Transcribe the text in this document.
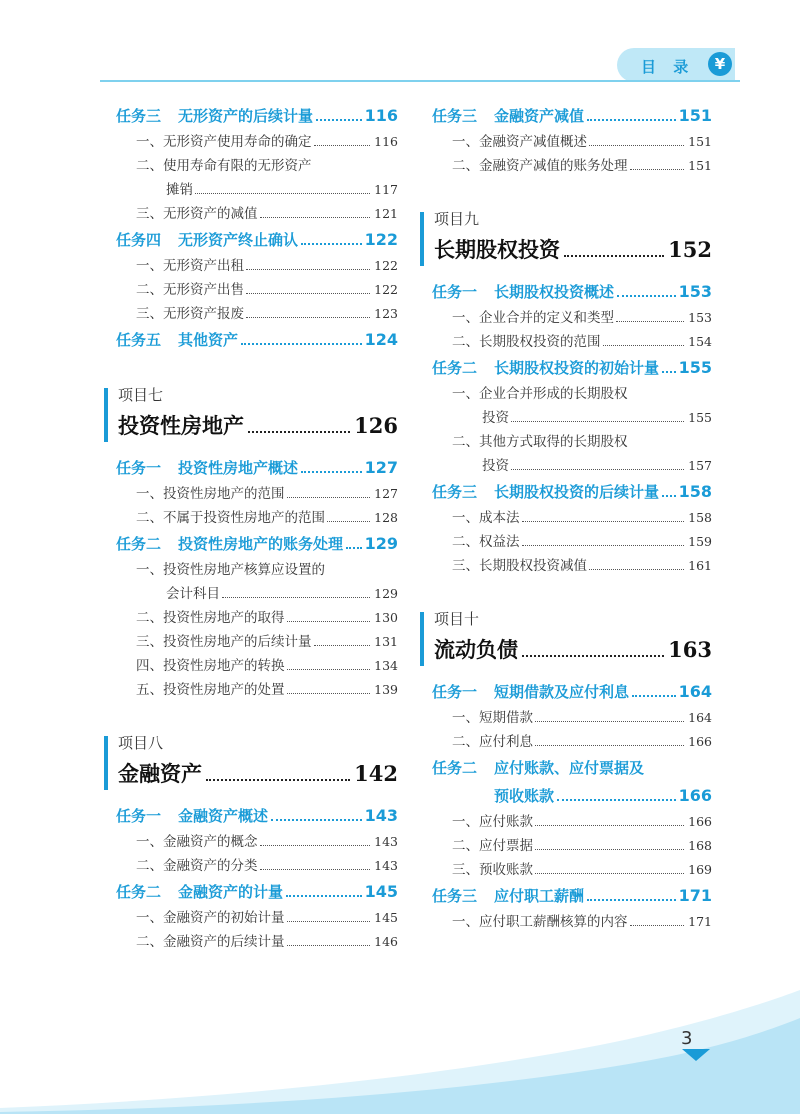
目 录	¥
任务三	无形资产的后续计量	116
一、无形资产使用寿命的确定	116
二、使用寿命有限的无形资产
摊销	117
三、无形资产的减值	121
任务四	无形资产终止确认	122
一、无形资产出租	122
二、无形资产出售	122
三、无形资产报废	123
任务五	其他资产	124
项目七
投资性房地产	126
任务一	投资性房地产概述	127
一、投资性房地产的范围	127
二、不属于投资性房地产的范围	128
任务二	投资性房地产的账务处理 129
一、投资性房地产核算应设置的
会计科目	129
二、投资性房地产的取得	130
三、投资性房地产的后续计量	131
四、投资性房地产的转换	134
五、投资性房地产的处置	139
项目八
金融资产	142
任务一	金融资产概述	143
一、金融资产的概念	143
二、金融资产的分类	143
任务二	金融资产的计量	145
一、金融资产的初始计量	145
二、金融资产的后续计量	146
任务三	金融资产减值	151
一、金融资产减值概述	151
二、金融资产减值的账务处理	151
项目九
长期股权投资	152
任务一	长期股权投资概述	153
一、企业合并的定义和类型	153
二、长期股权投资的范围	154
任务二	长期股权投资的初始计量 155
一、企业合并形成的长期股权
投资	155
二、其他方式取得的长期股权
投资	157
任务三	长期股权投资的后续计量 158
一、成本法	158
二、权益法	159
三、长期股权投资减值	161
项目十
流动负债	163
任务一	短期借款及应付利息	164
一、短期借款	164
二、应付利息	166
任务二	应付账款、应付票据及
预收账款	166
一、应付账款	166
二、应付票据	168
三、预收账款	169
任务三	应付职工薪酬	171
一、应付职工薪酬核算的内容	171
3
